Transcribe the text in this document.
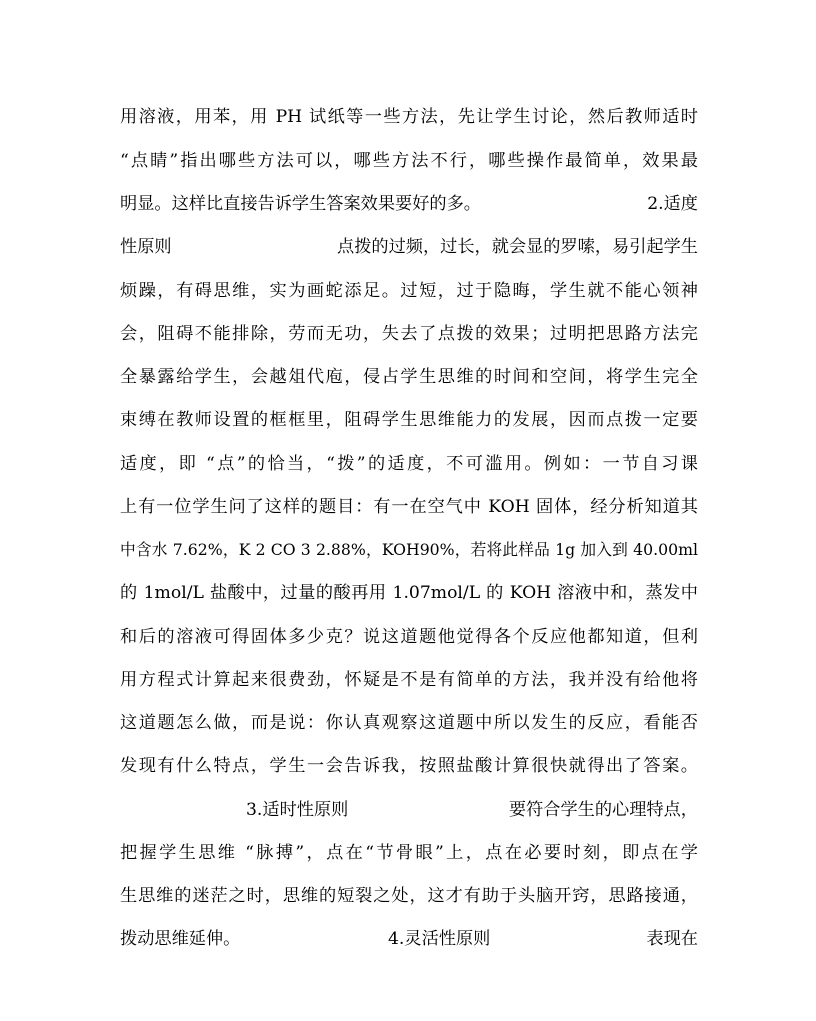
用溶液，用苯，用 PH 试纸等一些方法，先让学生讨论，然后教师适时
“点睛”指出哪些方法可以，哪些方法不行，哪些操作最简单，效果最
明显。这样比直接告诉学生答案效果要好的多。	2.适度
性原则	点拨的过频，过长，就会显的罗嗦，易引起学生
烦躁，有碍思维，实为画蛇添足。过短，过于隐晦，学生就不能心领神
会，阻碍不能排除，劳而无功，失去了点拨的效果；过明把思路方法完
全暴露给学生，会越俎代庖，侵占学生思维的时间和空间，将学生完全
束缚在教师设置的框框里，阻碍学生思维能力的发展，因而点拨一定要
适度，即 “点”的恰当，“拨”的适度，不可滥用。例如：一节自习课
上有一位学生问了这样的题目：有一在空气中 KOH 固体，经分析知道其
中含水 7.62%，K 2 CO 3 2.88%，KOH90%，若将此样品 1g 加入到 40.00ml
的 1mol/L 盐酸中，过量的酸再用 1.07mol/L 的 KOH 溶液中和，蒸发中
和后的溶液可得固体多少克？说这道题他觉得各个反应他都知道，但利
用方程式计算起来很费劲，怀疑是不是有简单的方法，我并没有给他将
这道题怎么做，而是说：你认真观察这道题中所以发生的反应，看能否
发现有什么特点，学生一会告诉我，按照盐酸计算很快就得出了答案。
3.适时性原则	要符合学生的心理特点，
把握学生思维 “脉搏”，点在“节骨眼”上，点在必要时刻，即点在学
生思维的迷茫之时，思维的短裂之处，这才有助于头脑开窍，思路接通，
拨动思维延伸。	4.灵活性原则	表现在
